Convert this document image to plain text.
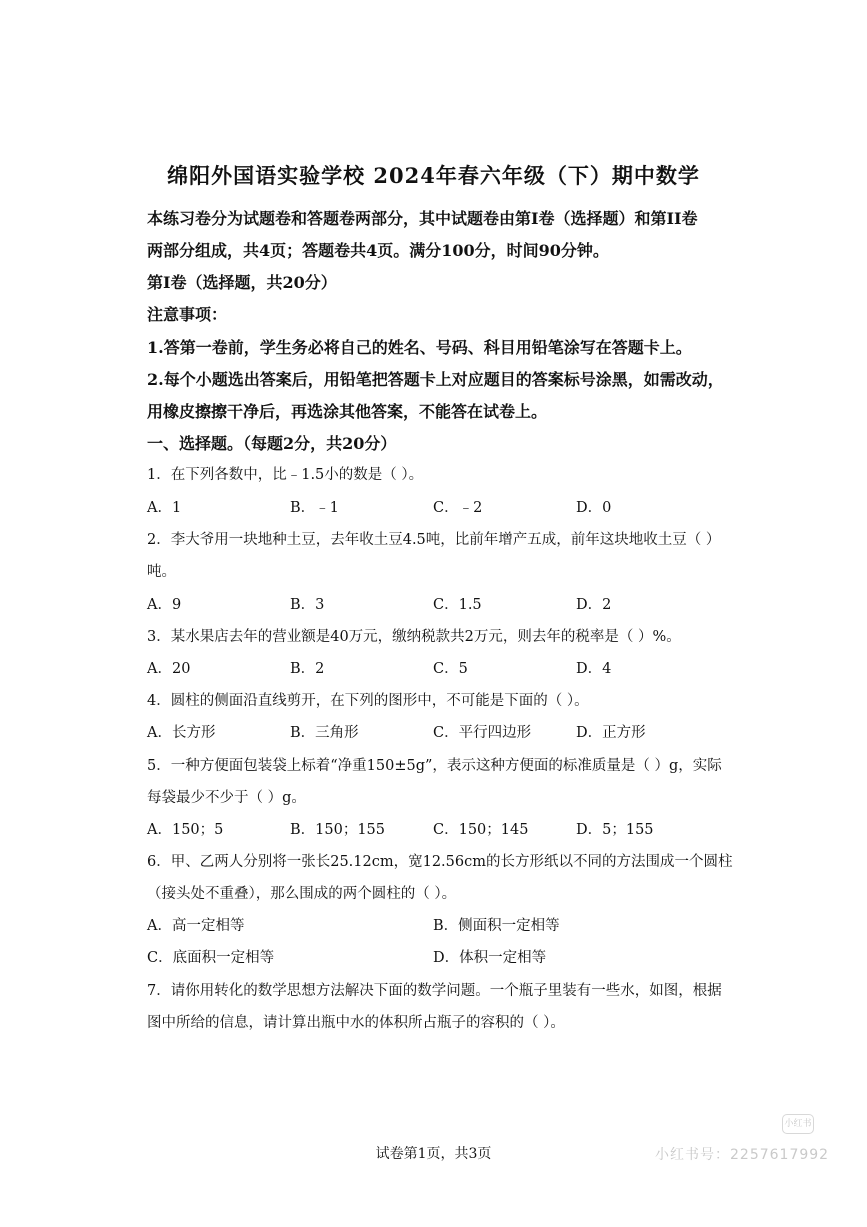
绵阳外国语实验学校 2024年春六年级（下）期中数学
本练习卷分为试题卷和答题卷两部分，其中试题卷由第I卷（选择题）和第II卷
两部分组成，共4页；答题卷共4页。满分100分，时间90分钟。
第I卷（选择题，共20分）
注意事项：
1.答第一卷前，学生务必将自己的姓名、号码、科目用铅笔涂写在答题卡上。
2.每个小题选出答案后，用铅笔把答题卡上对应题目的答案标号涂黑，如需改动，
用橡皮擦擦干净后，再选涂其他答案，不能答在试卷上。
一、选择题。（每题2分，共20分）
1．在下列各数中，比﹣1.5小的数是（ ）。
A．1	B．﹣1	C．﹣2	D．0
2．李大爷用一块地种土豆，去年收土豆4.5吨，比前年增产五成，前年这块地收土豆（ ）
吨。
A．9	B．3	C．1.5	D．2
3．某水果店去年的营业额是40万元，缴纳税款共2万元，则去年的税率是（ ）%。
A．20	B．2	C．5	D．4
4．圆柱的侧面沿直线剪开，在下列的图形中，不可能是下面的（ ）。
A．长方形	B．三角形	C．平行四边形	D．正方形
5．一种方便面包装袋上标着“净重150±5g”，表示这种方便面的标准质量是（ ）g，实际
每袋最少不少于（ ）g。
A．150；5	B．150；155	C．150；145	D．5；155
6．甲、乙两人分别将一张长25.12cm，宽12.56cm的长方形纸以不同的方法围成一个圆柱
（接头处不重叠），那么围成的两个圆柱的（ ）。
A．高一定相等	B．侧面积一定相等
C．底面积一定相等	D．体积一定相等
7．请你用转化的数学思想方法解决下面的数学问题。一个瓶子里装有一些水，如图，根据
图中所给的信息，请计算出瓶中水的体积所占瓶子的容积的（ ）。
试卷第1页，共3页
小红书
小红书号：2257617992
